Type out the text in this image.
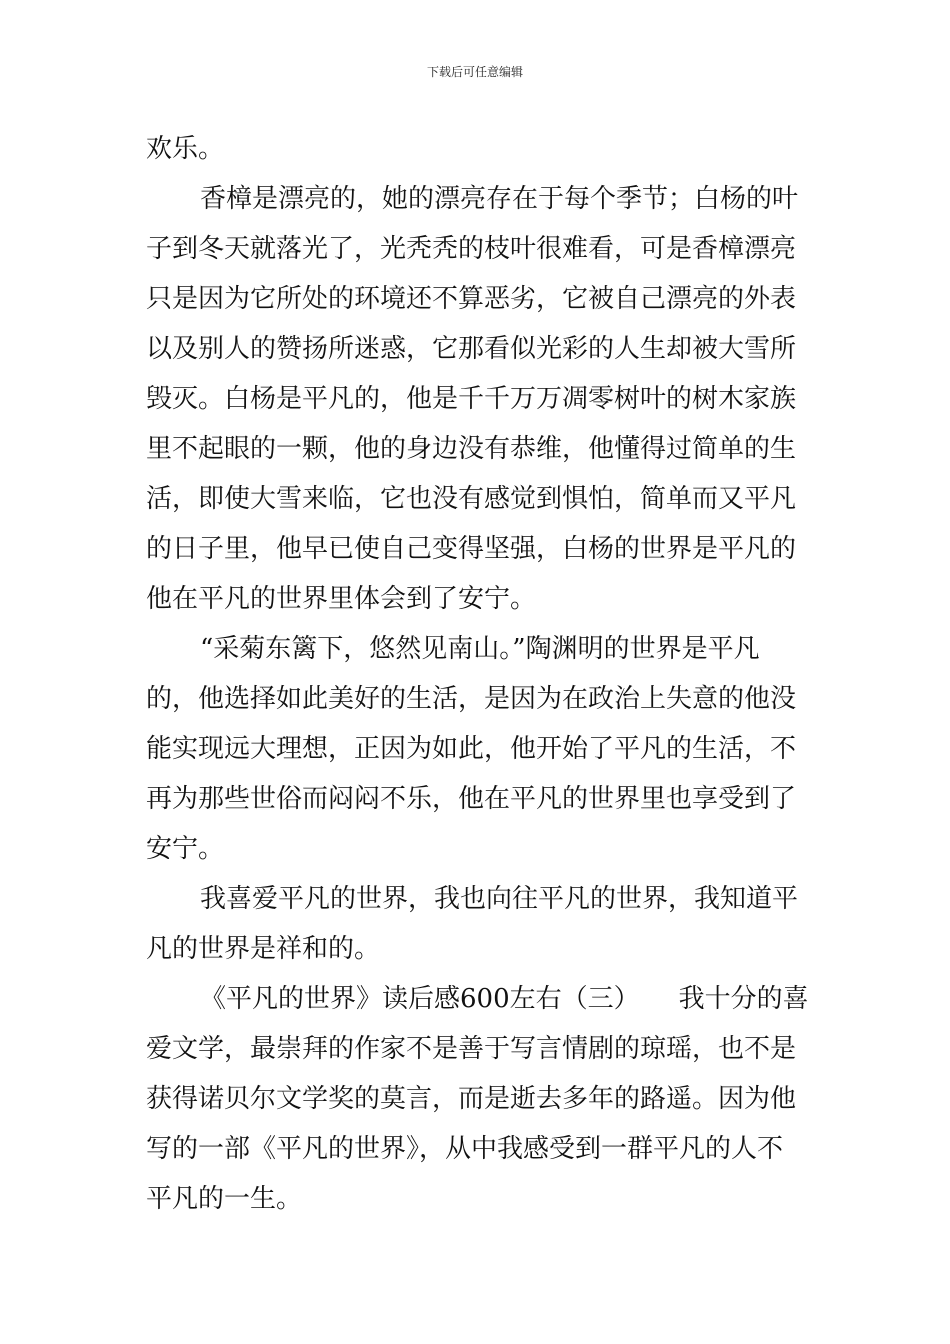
下载后可任意编辑
欢乐。
香樟是漂亮的，她的漂亮存在于每个季节；白杨的叶
子到冬天就落光了，光秃秃的枝叶很难看，可是香樟漂亮
只是因为它所处的环境还不算恶劣，它被自己漂亮的外表
以及别人的赞扬所迷惑，它那看似光彩的人生却被大雪所
毁灭。白杨是平凡的，他是千千万万凋零树叶的树木家族
里不起眼的一颗，他的身边没有恭维，他懂得过简单的生
活，即使大雪来临，它也没有感觉到惧怕，简单而又平凡
的日子里，他早已使自己变得坚强，白杨的世界是平凡的
他在平凡的世界里体会到了安宁。
“采菊东篱下，悠然见南山。”陶渊明的世界是平凡
的，他选择如此美好的生活，是因为在政治上失意的他没
能实现远大理想，正因为如此，他开始了平凡的生活，不
再为那些世俗而闷闷不乐，他在平凡的世界里也享受到了
安宁。
我喜爱平凡的世界，我也向往平凡的世界，我知道平
凡的世界是祥和的。
《平凡的世界》读后感600左右（三）　　我十分的喜
爱文学，最崇拜的作家不是善于写言情剧的琼瑶，也不是
获得诺贝尔文学奖的莫言，而是逝去多年的路遥。因为他
写的一部《平凡的世界》，从中我感受到一群平凡的人不
平凡的一生。
